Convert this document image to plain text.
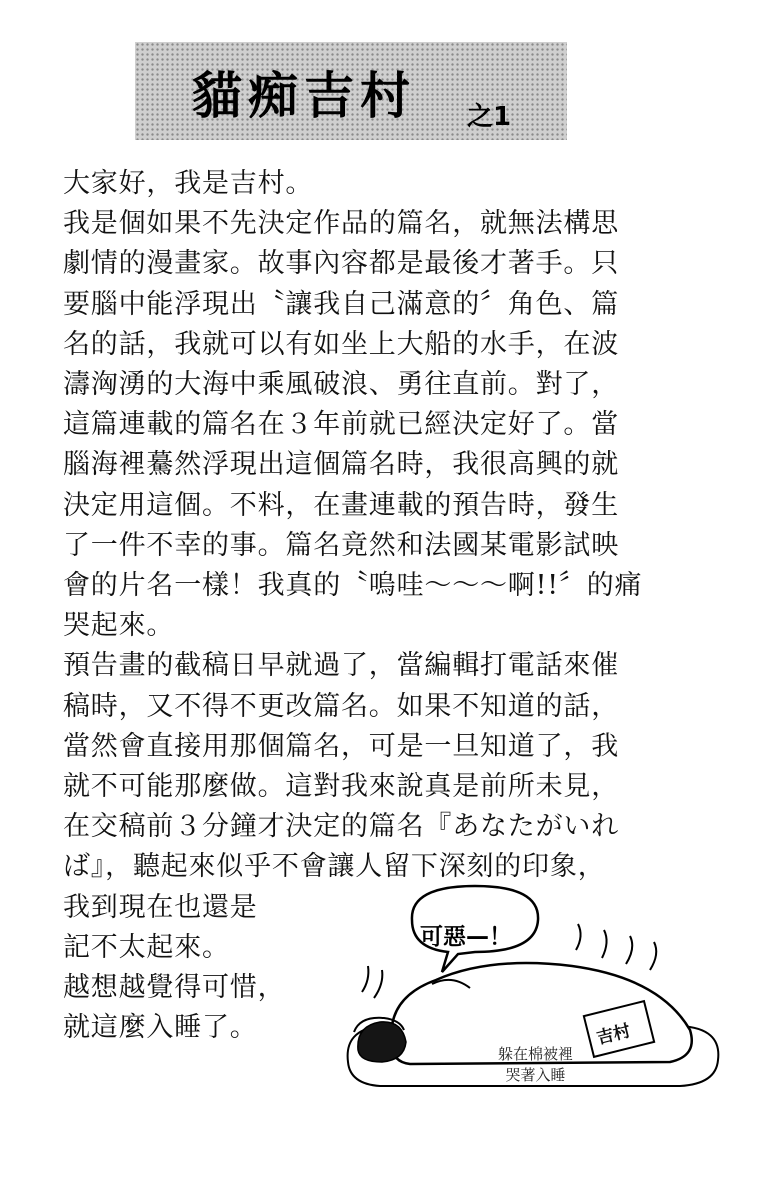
貓痴吉村 之1
大家好，我是吉村。
我是個如果不先決定作品的篇名，就無法構思
劇情的漫畫家。故事內容都是最後才著手。只
要腦中能浮現出〝讓我自己滿意的〞角色、篇
名的話，我就可以有如坐上大船的水手，在波
濤洶湧的大海中乘風破浪、勇往直前。對了，
這篇連載的篇名在３年前就已經決定好了。當
腦海裡驀然浮現出這個篇名時，我很高興的就
決定用這個。不料，在畫連載的預告時，發生
了一件不幸的事。篇名竟然和法國某電影試映
會的片名一樣！我真的〝嗚哇～～～啊!!〞的痛
哭起來。
預告畫的截稿日早就過了，當編輯打電話來催
稿時，又不得不更改篇名。如果不知道的話，
當然會直接用那個篇名，可是一旦知道了，我
就不可能那麼做。這對我來說真是前所未見，
在交稿前３分鐘才決定的篇名『あなたがいれ
ば』，聽起來似乎不會讓人留下深刻的印象，
我到現在也還是
記不太起來。
越想越覺得可惜，
就這麼入睡了。
可惡—！
躲在棉被裡
哭著入睡
吉村
